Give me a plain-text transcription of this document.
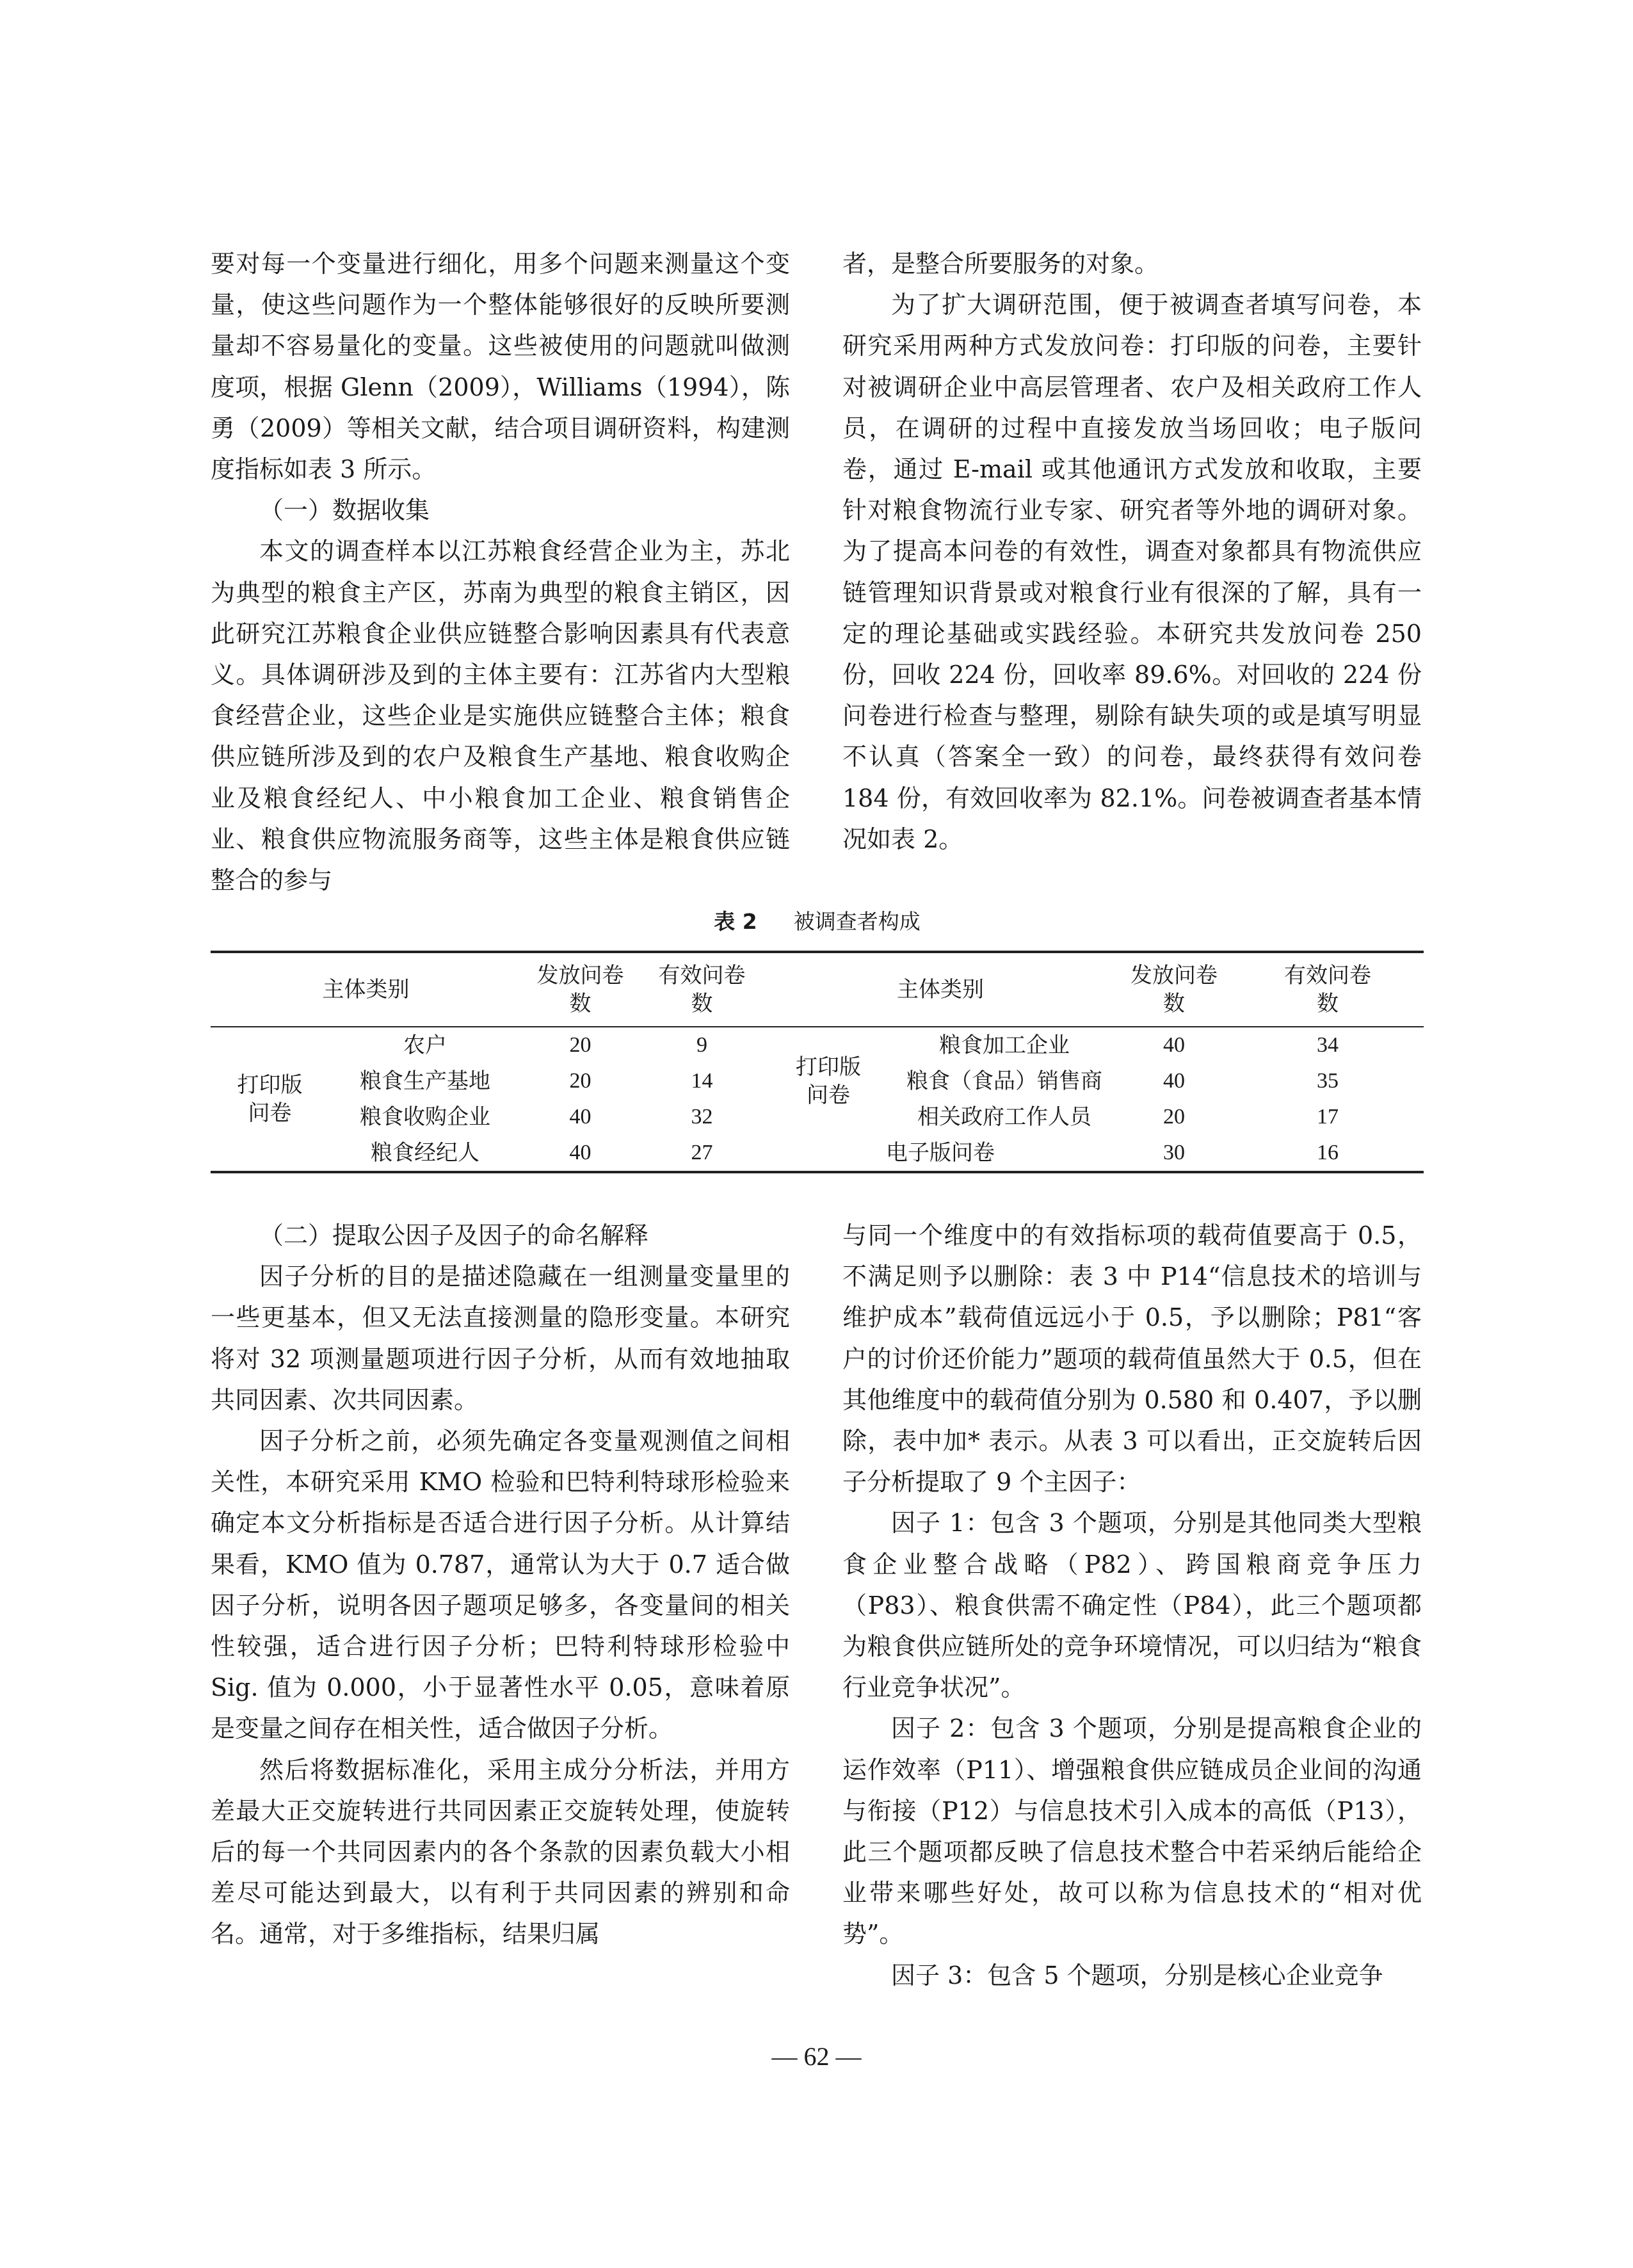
要对每一个变量进行细化，用多个问题来测量这个变量，使这些问题作为一个整体能够很好的反映所要测量却不容易量化的变量。这些被使用的问题就叫做测度项，根据 Glenn（2009），Williams（1994），陈勇（2009）等相关文献，结合项目调研资料，构建测度指标如表 3 所示。

（一）数据收集

本文的调查样本以江苏粮食经营企业为主，苏北为典型的粮食主产区，苏南为典型的粮食主销区，因此研究江苏粮食企业供应链整合影响因素具有代表意义。具体调研涉及到的主体主要有：江苏省内大型粮食经营企业，这些企业是实施供应链整合主体；粮食供应链所涉及到的农户及粮食生产基地、粮食收购企业及粮食经纪人、中小粮食加工企业、粮食销售企业、粮食供应物流服务商等，这些主体是粮食供应链整合的参与

者，是整合所要服务的对象。

为了扩大调研范围，便于被调查者填写问卷，本研究采用两种方式发放问卷：打印版的问卷，主要针对被调研企业中高层管理者、农户及相关政府工作人员，在调研的过程中直接发放当场回收；电子版问卷，通过 E-mail 或其他通讯方式发放和收取，主要针对粮食物流行业专家、研究者等外地的调研对象。为了提高本问卷的有效性，调查对象都具有物流供应链管理知识背景或对粮食行业有很深的了解，具有一定的理论基础或实践经验。本研究共发放问卷 250 份，回收 224 份，回收率 89.6%。对回收的 224 份问卷进行检查与整理，剔除有缺失项的或是填写明显不认真（答案全一致）的问卷，最终获得有效问卷 184 份，有效回收率为 82.1%。问卷被调查者基本情况如表 2。

表 2 被调查者构成
主体类别		发放问卷数	有效问卷数	主体类别		发放问卷数	有效问卷数
打印版问卷	农户	20	9	打印版问卷	粮食加工企业	40	34
	粮食生产基地	20	14		粮食（食品）销售商	40	35
	粮食收购企业	40	32		相关政府工作人员	20	17
	粮食经纪人	40	27	电子版问卷		30	16

（二）提取公因子及因子的命名解释

因子分析的目的是描述隐藏在一组测量变量里的一些更基本，但又无法直接测量的隐形变量。本研究将对 32 项测量题项进行因子分析，从而有效地抽取共同因素、次共同因素。

因子分析之前，必须先确定各变量观测值之间相关性，本研究采用 KMO 检验和巴特利特球形检验来确定本文分析指标是否适合进行因子分析。从计算结果看，KMO 值为 0.787，通常认为大于 0.7 适合做因子分析，说明各因子题项足够多，各变量间的相关性较强，适合进行因子分析；巴特利特球形检验中 Sig. 值为 0.000，小于显著性水平 0.05，意味着原是变量之间存在相关性，适合做因子分析。

然后将数据标准化，采用主成分分析法，并用方差最大正交旋转进行共同因素正交旋转处理，使旋转后的每一个共同因素内的各个条款的因素负载大小相差尽可能达到最大，以有利于共同因素的辨别和命名。通常，对于多维指标，结果归属

与同一个维度中的有效指标项的载荷值要高于 0.5，不满足则予以删除：表 3 中 P14“信息技术的培训与维护成本”载荷值远远小于 0.5，予以删除；P81“客户的讨价还价能力”题项的载荷值虽然大于 0.5，但在其他维度中的载荷值分别为 0.580 和 0.407，予以删除，表中加* 表示。从表 3 可以看出，正交旋转后因子分析提取了 9 个主因子：

因子 1：包含 3 个题项，分别是其他同类大型粮食企业整合战略（P82）、跨国粮商竞争压力（P83）、粮食供需不确定性（P84），此三个题项都为粮食供应链所处的竞争环境情况，可以归结为“粮食行业竞争状况”。

因子 2：包含 3 个题项，分别是提高粮食企业的运作效率（P11）、增强粮食供应链成员企业间的沟通与衔接（P12）与信息技术引入成本的高低（P13），此三个题项都反映了信息技术整合中若采纳后能给企业带来哪些好处，故可以称为信息技术的“相对优势”。

因子 3：包含 5 个题项，分别是核心企业竞争

— 62 —
